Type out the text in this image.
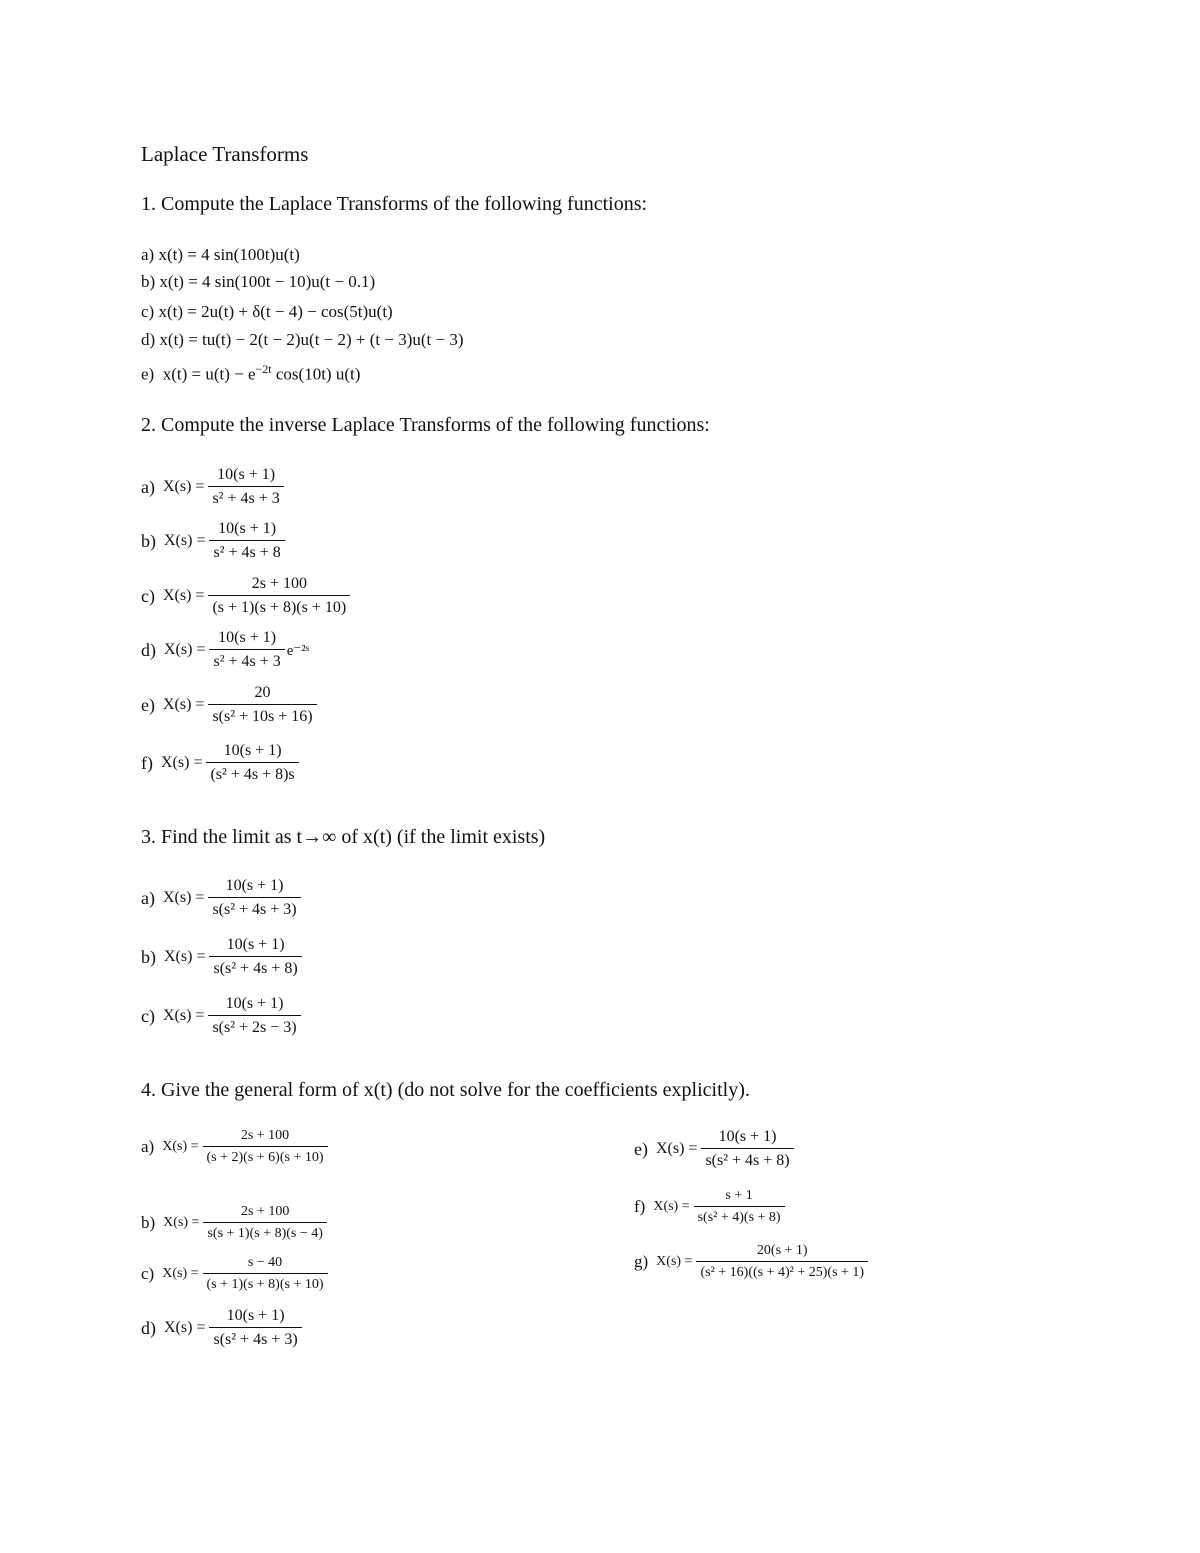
Laplace Transforms
1. Compute the Laplace Transforms of the following functions:
a) x(t) = 4 sin(100t)u(t)
b) x(t) = 4 sin(100t − 10)u(t − 0.1)
c) x(t) = 2u(t) + δ(t − 4) − cos(5t)u(t)
d) x(t) = tu(t) − 2(t − 2)u(t − 2) + (t − 3)u(t − 3)
e) $x(t) = u(t) - e^{-2t}$ cos(10t) u(t)
2. Compute the inverse Laplace Transforms of the following functions:
a) $X(s) = \frac{10(s + 1)}{\text{s² + 4s + 3}}$
b) $X(s) = \frac{10(s + 1)}{\text{s² + 4s + 8}}$
c) $X(s) = \frac{2s + 100}{(s + 1)(s + 8)(s + 10)}$
d) $X(s) = \frac{10(s + 1)}{\text{s² + 4s + 3}}$ e⁻²ˢ
e) $X(s) = \frac{20}{\text{s(s² + 10s + 16)}}$
f) $X(s) = \frac{10(s + 1)}{\text{(s² + 4s + 8)s}}$
3. Find the limit as t→∞ of x(t) (if the limit exists)
a) $X(s) = \frac{10(s + 1)}{\text{s(s² + 4s + 3)}}$
b) $X(s) = \frac{10(s + 1)}{\text{s(s² + 4s + 8)}}$
c) $X(s) = \frac{10(s + 1)}{\text{s(s² + 2s − 3)}}$
4. Give the general form of x(t) (do not solve for the coefficients explicitly).
a) $X(s) = \frac{2s + 100}{(s + 2)(s + 6)(s + 10)}$
b) $X(s) = \frac{2s + 100}{s(s + 1)(s + 8)(s - 4)}$
c) $X(s) = \frac{s - 40}{(s + 1)(s + 8)(s + 10)}$
d) $X(s) = \frac{10(s + 1)}{\text{s(s² + 4s + 3)}}$
e) $X(s) = \frac{10(s + 1)}{\text{s(s² + 4s + 8)}}$
f) $X(s) = \frac{s + 1}{\text{s(s² + 4)(s + 8)}}$
g) $X(s) = \frac{20(s + 1)}{\text{(s² + 16)((s + 4)² + 25)(s + 1)}}$
